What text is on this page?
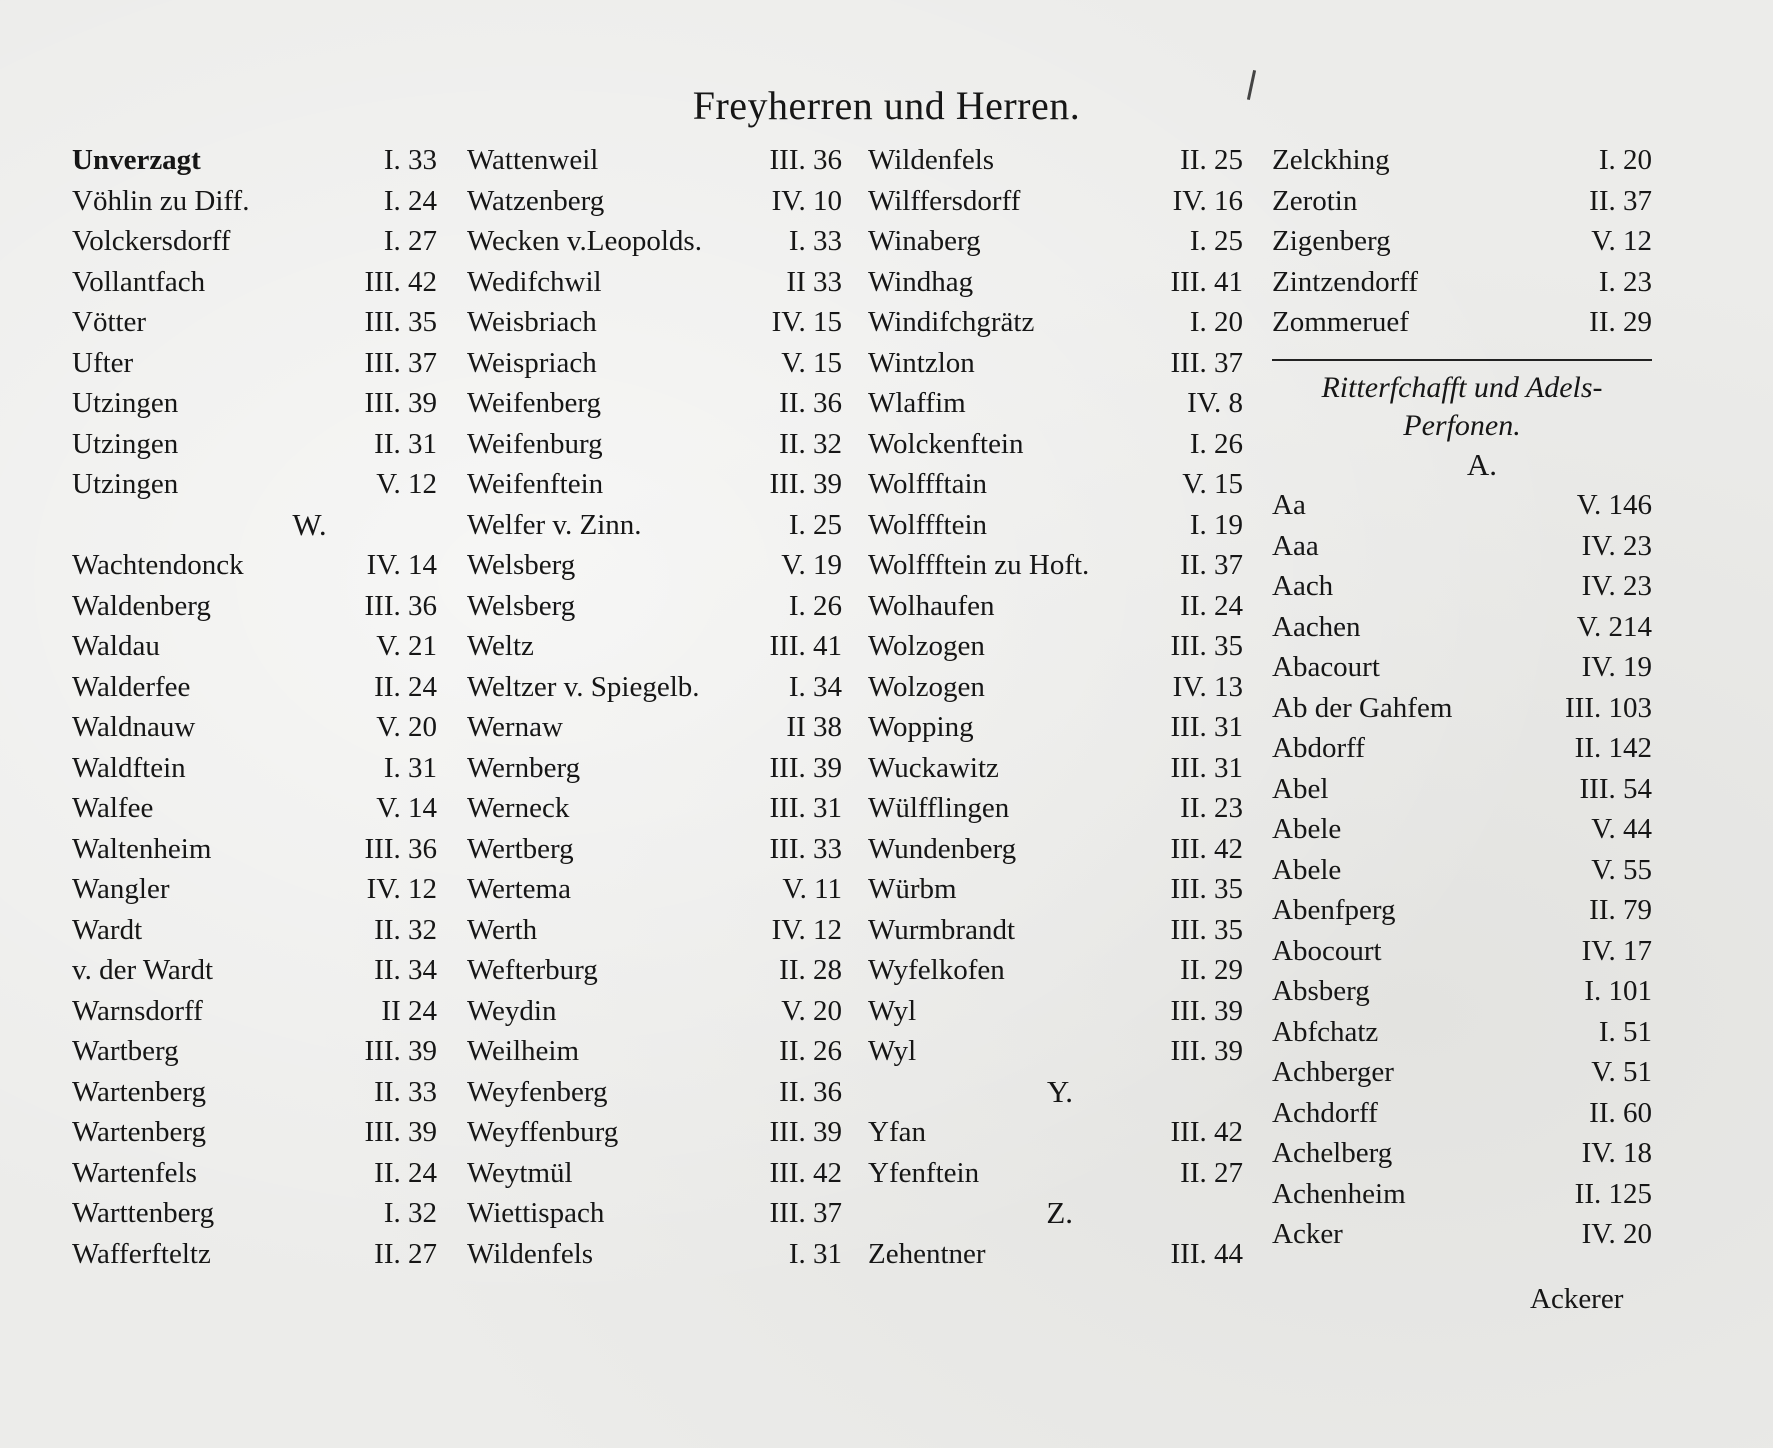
Freyherren und Herren.
Unverzagt	I. 33
Vöhlin zu Diff.	I. 24
Volckersdorff	I. 27
Vollantfach	III. 42
Vötter	III. 35
Ufter	III. 37
Utzingen	III. 39
Utzingen	II. 31
Utzingen	V. 12
W.
Wachtendonck	IV. 14
Waldenberg	III. 36
Waldau	V. 21
Walderfee	II. 24
Waldnauw	V. 20
Waldftein	I. 31
Walfee	V. 14
Waltenheim	III. 36
Wangler	IV. 12
Wardt	II. 32
v. der Wardt	II. 34
Warnsdorff	II 24
Wartberg	III. 39
Wartenberg	II. 33
Wartenberg	III. 39
Wartenfels	II. 24
Warttenberg	I. 32
Wafferfteltz	II. 27
Wattenweil	III. 36
Watzenberg	IV. 10
Wecken v.Leopolds.	I. 33
Wedifchwil	II 33
Weisbriach	IV. 15
Weispriach	V. 15
Weifenberg	II. 36
Weifenburg	II. 32
Weifenftein	III. 39
Welfer v. Zinn.	I. 25
Welsberg	V. 19
Welsberg	I. 26
Weltz	III. 41
Weltzer v. Spiegelb.	I. 34
Wernaw	II 38
Wernberg	III. 39
Werneck	III. 31
Wertberg	III. 33
Wertema	V. 11
Werth	IV. 12
Wefterburg	II. 28
Weydin	V. 20
Weilheim	II. 26
Weyfenberg	II. 36
Weyffenburg	III. 39
Weytmül	III. 42
Wiettispach	III. 37
Wildenfels	I. 31
Wildenfels	II. 25
Wilffersdorff	IV. 16
Winaberg	I. 25
Windhag	III. 41
Windifchgrätz	I. 20
Wintzlon	III. 37
Wlaffim	IV. 8
Wolckenftein	I. 26
Wolffftain	V. 15
Wolffftein	I. 19
Wolffftein zu Hoft.	II. 37
Wolhaufen	II. 24
Wolzogen	III. 35
Wolzogen	IV. 13
Wopping	III. 31
Wuckawitz	III. 31
Wülfflingen	II. 23
Wundenberg	III. 42
Würbm	III. 35
Wurmbrandt	III. 35
Wyfelkofen	II. 29
Wyl	III. 39
Wyl	III. 39
Y.
Yfan	III. 42
Yfenftein	II. 27
Z.
Zehentner	III. 44
Zelckhing	I. 20
Zerotin	II. 37
Zigenberg	V. 12
Zintzendorff	I. 23
Zommeruef	II. 29
Ritterfchafft und Adels-
Perfonen.
A.
Aa	V. 146
Aaa	IV. 23
Aach	IV. 23
Aachen	V. 214
Abacourt	IV. 19
Ab der Gahfem	III. 103
Abdorff	II. 142
Abel	III. 54
Abele	V. 44
Abele	V. 55
Abenfperg	II. 79
Abocourt	IV. 17
Absberg	I. 101
Abfchatz	I. 51
Achberger	V. 51
Achdorff	II. 60
Achelberg	IV. 18
Achenheim	II. 125
Acker	IV. 20
Ackerer
